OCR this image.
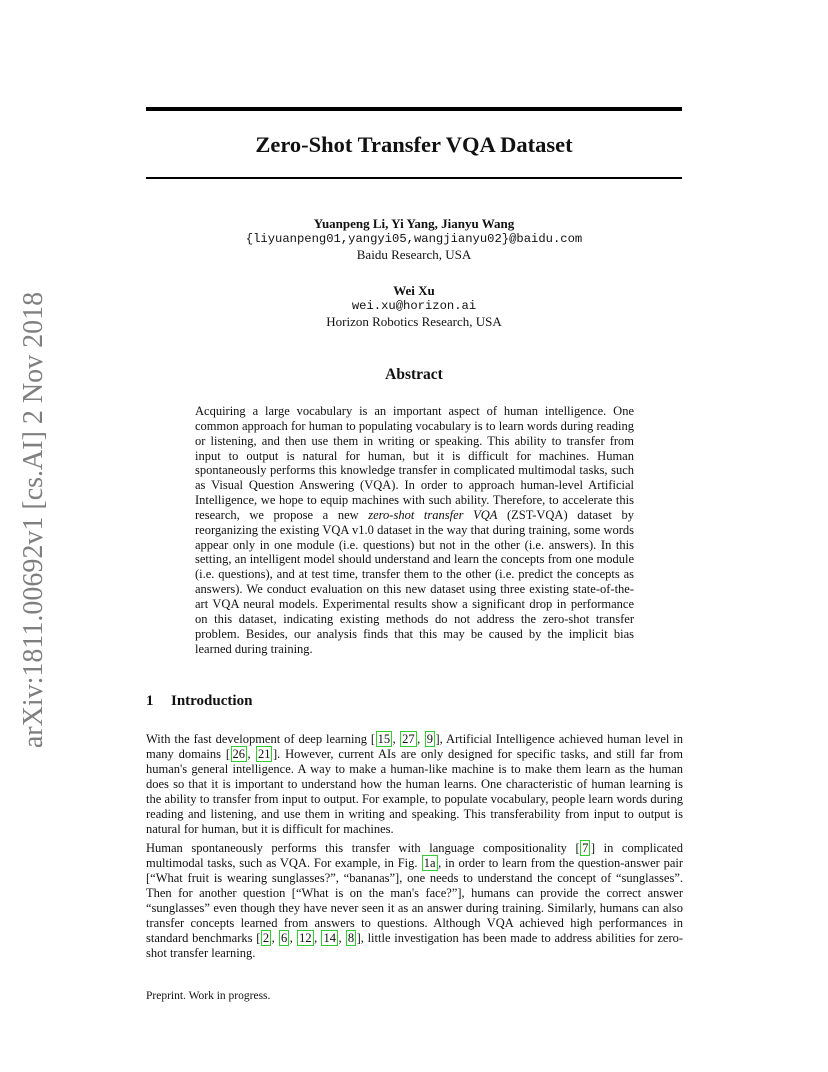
arXiv:1811.00692v1 [cs.AI] 2 Nov 2018
Zero-Shot Transfer VQA Dataset
Yuanpeng Li, Yi Yang, Jianyu Wang
{liyuanpeng01,yangyi05,wangjianyu02}@baidu.com
Baidu Research, USA
Wei Xu
wei.xu@horizon.ai
Horizon Robotics Research, USA
Abstract
Acquiring a large vocabulary is an important aspect of human intelligence. One common approach for human to populating vocabulary is to learn words during reading or listening, and then use them in writing or speaking. This ability to transfer from input to output is natural for human, but it is difficult for machines. Human spontaneously performs this knowledge transfer in complicated multimodal tasks, such as Visual Question Answering (VQA). In order to approach human-level Artificial Intelligence, we hope to equip machines with such ability. Therefore, to accelerate this research, we propose a new zero-shot transfer VQA (ZST-VQA) dataset by reorganizing the existing VQA v1.0 dataset in the way that during training, some words appear only in one module (i.e. questions) but not in the other (i.e. answers). In this setting, an intelligent model should understand and learn the concepts from one module (i.e. questions), and at test time, transfer them to the other (i.e. predict the concepts as answers). We conduct evaluation on this new dataset using three existing state-of-the-art VQA neural models. Experimental results show a significant drop in performance on this dataset, indicating existing methods do not address the zero-shot transfer problem. Besides, our analysis finds that this may be caused by the implicit bias learned during training.
1 Introduction
With the fast development of deep learning [ 15 , 27 , 9 ], Artificial Intelligence achieved human level in many domains [ 26 , 21 ]. However, current AIs are only designed for specific tasks, and still far from human's general intelligence. A way to make a human-like machine is to make them learn as the human does so that it is important to understand how the human learns. One characteristic of human learning is the ability to transfer from input to output. For example, to populate vocabulary, people learn words during reading and listening, and use them in writing and speaking. This transferability from input to output is natural for human, but it is difficult for machines.
Human spontaneously performs this transfer with language compositionality [ 7 ] in complicated multimodal tasks, such as VQA. For example, in Fig. 1a , in order to learn from the question-answer pair [“What fruit is wearing sunglasses?”, “bananas”], one needs to understand the concept of “sunglasses”. Then for another question [“What is on the man's face?”], humans can provide the correct answer “sunglasses” even though they have never seen it as an answer during training. Similarly, humans can also transfer concepts learned from answers to questions. Although VQA achieved high performances in standard benchmarks [ 2 , 6 , 12 , 14 , 8 ], little investigation has been made to address abilities for zero-shot transfer learning.
Preprint. Work in progress.
